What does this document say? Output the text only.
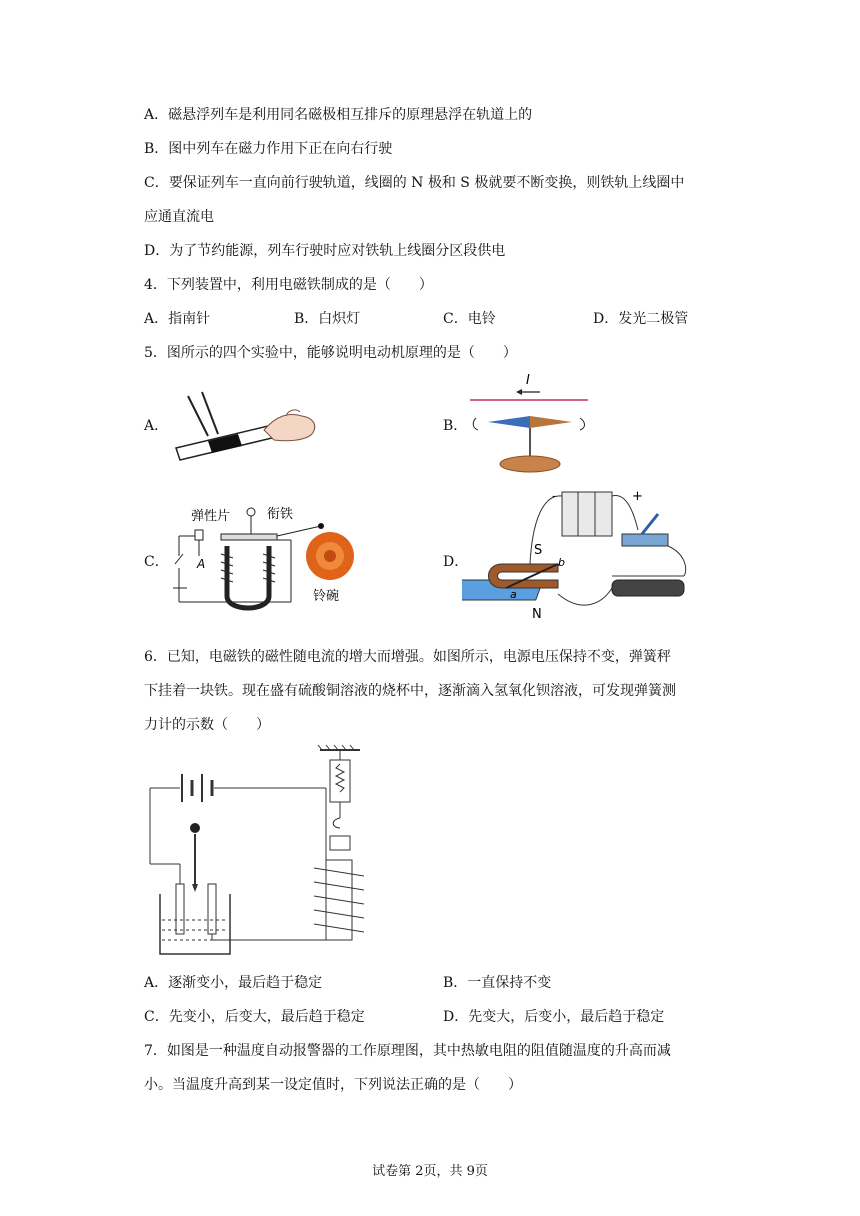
A．磁悬浮列车是利用同名磁极相互排斥的原理悬浮在轨道上的
B．图中列车在磁力作用下正在向右行驶
C．要保证列车一直向前行驶轨道，线圈的 N 极和 S 极就要不断变换，则铁轨上线圈中
应通直流电
D．为了节约能源，列车行驶时应对铁轨上线圈分区段供电
4．下列装置中，利用电磁铁制成的是（　　）
A．指南针	B．白炽灯	C．电铃	D．发光二极管
5．图所示的四个实验中，能够说明电动机原理的是（　　）
A．	B．
I
C．
弹性片	衔铁
A
铃碗
D．
-	+
S
N
a
b
6．已知，电磁铁的磁性随电流的增大而增强。如图所示，电源电压保持不变，弹簧秤
下挂着一块铁。现在盛有硫酸铜溶液的烧杯中，逐渐滴入氢氧化钡溶液，可发现弹簧测
力计的示数（　　）
A．逐渐变小，最后趋于稳定	B．一直保持不变
C．先变小，后变大，最后趋于稳定	D．先变大，后变小，最后趋于稳定
7．如图是一种温度自动报警器的工作原理图，其中热敏电阻的阻值随温度的升高而减
小。当温度升高到某一设定值时，下列说法正确的是（　　）
试卷第 2页，共 9页
